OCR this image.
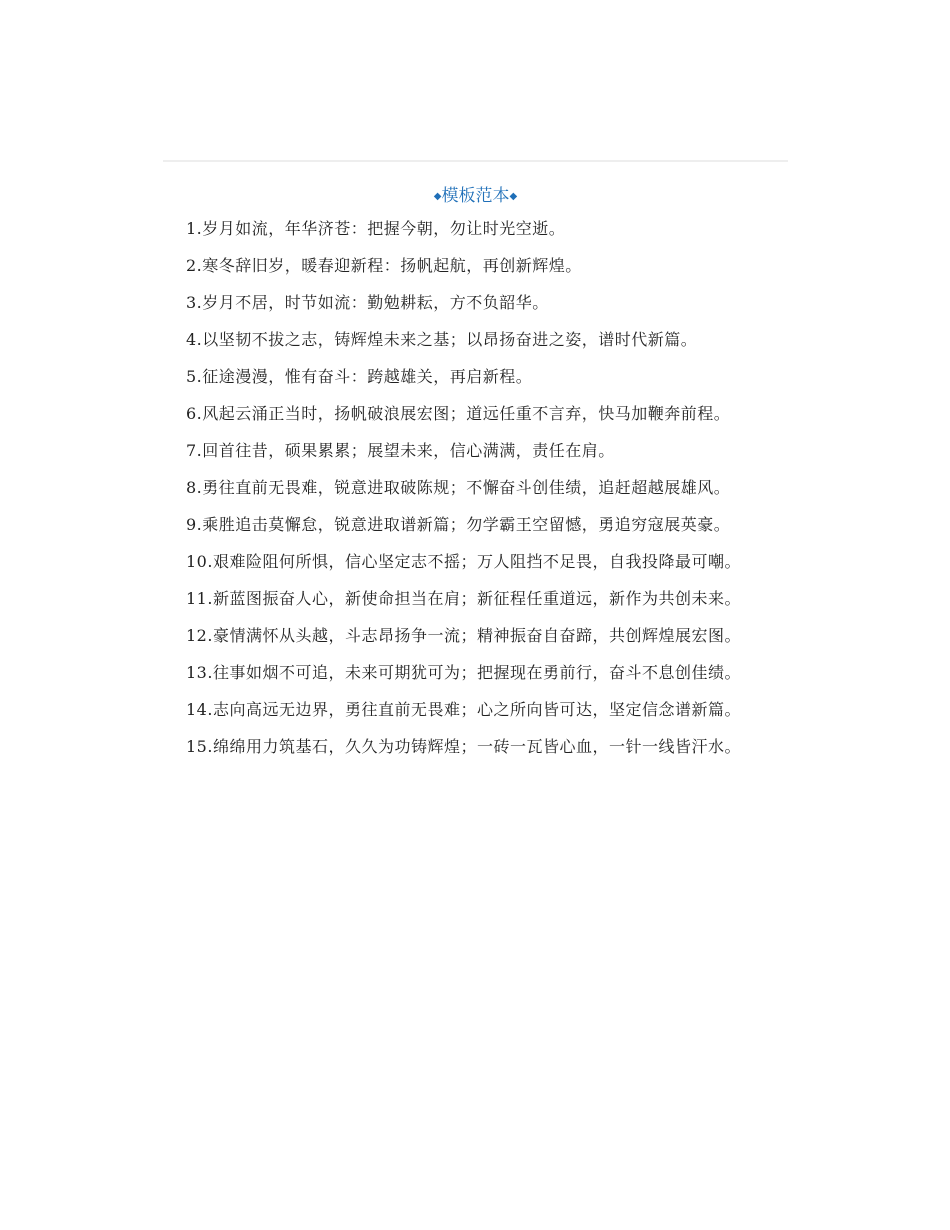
◆模板范本◆

1.岁月如流，年华济苍：把握今朝，勿让时光空逝。

2.寒冬辞旧岁，暖春迎新程：扬帆起航，再创新辉煌。

3.岁月不居，时节如流：勤勉耕耘，方不负韶华。

4.以坚韧不拔之志，铸辉煌未来之基；以昂扬奋进之姿，谱时代新篇。

5.征途漫漫，惟有奋斗：跨越雄关，再启新程。

6.风起云涌正当时，扬帆破浪展宏图；道远任重不言弃，快马加鞭奔前程。

7.回首往昔，硕果累累；展望未来，信心满满，责任在肩。

8.勇往直前无畏难，锐意进取破陈规；不懈奋斗创佳绩，追赶超越展雄风。

9.乘胜追击莫懈怠，锐意进取谱新篇；勿学霸王空留憾，勇追穷寇展英豪。

10.艰难险阻何所惧，信心坚定志不摇；万人阻挡不足畏，自我投降最可嘲。

11.新蓝图振奋人心，新使命担当在肩；新征程任重道远，新作为共创未来。

12.豪情满怀从头越，斗志昂扬争一流；精神振奋自奋蹄，共创辉煌展宏图。

13.往事如烟不可追，未来可期犹可为；把握现在勇前行，奋斗不息创佳绩。

14.志向高远无边界，勇往直前无畏难；心之所向皆可达，坚定信念谱新篇。

15.绵绵用力筑基石，久久为功铸辉煌；一砖一瓦皆心血，一针一线皆汗水。
